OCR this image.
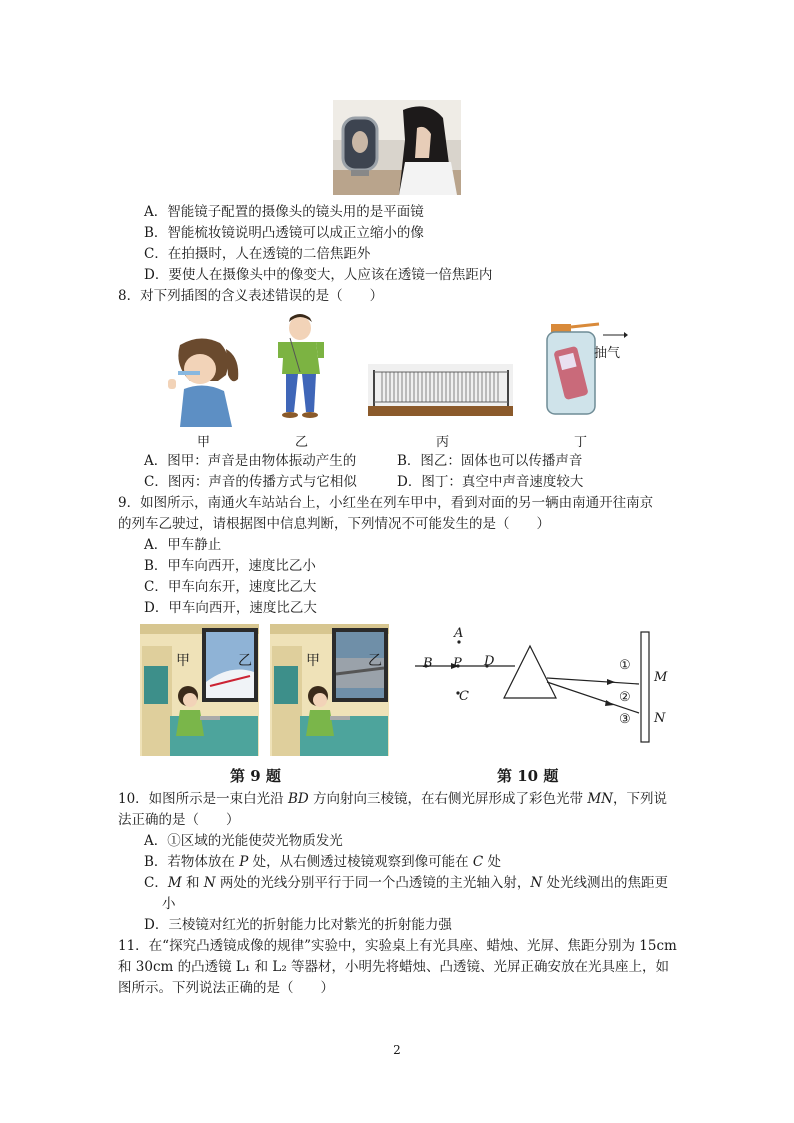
A．智能镜子配置的摄像头的镜头用的是平面镜
B．智能梳妆镜说明凸透镜可以成正立缩小的像
C．在拍摄时，人在透镜的二倍焦距外
D．要使人在摄像头中的像变大，人应该在透镜一倍焦距内
8．对下列插图的含义表述错误的是（　　）
抽气
甲	乙	丙	丁
A．图甲：声音是由物体振动产生的	B．图乙：固体也可以传播声音
C．图丙：声音的传播方式与它相似	D．图丁：真空中声音速度较大
9．如图所示，南通火车站站台上，小红坐在列车甲中，看到对面的另一辆由南通开往南京
的列车乙驶过，请根据图中信息判断，下列情况不可能发生的是（　　）
A．甲车静止
B．甲车向西开，速度比乙小
C．甲车向东开，速度比乙大
D．甲车向西开，速度比乙大
甲	乙	甲	乙
A
B P D
C
①
②
③
M
N
第 9 题	第 10 题
10．如图所示是一束白光沿 BD 方向射向三棱镜，在右侧光屏形成了彩色光带 MN，下列说
法正确的是（　　）
A．①区域的光能使荧光物质发光
B．若物体放在 P 处，从右侧透过棱镜观察到像可能在 C 处
C．M 和 N 两处的光线分别平行于同一个凸透镜的主光轴入射，N 处光线测出的焦距更
小
D．三棱镜对红光的折射能力比对紫光的折射能力强
11．在“探究凸透镜成像的规律”实验中，实验桌上有光具座、蜡烛、光屏、焦距分别为 15cm
和 30cm 的凸透镜 L₁ 和 L₂ 等器材，小明先将蜡烛、凸透镜、光屏正确安放在光具座上，如
图所示。下列说法正确的是（　　）
2
